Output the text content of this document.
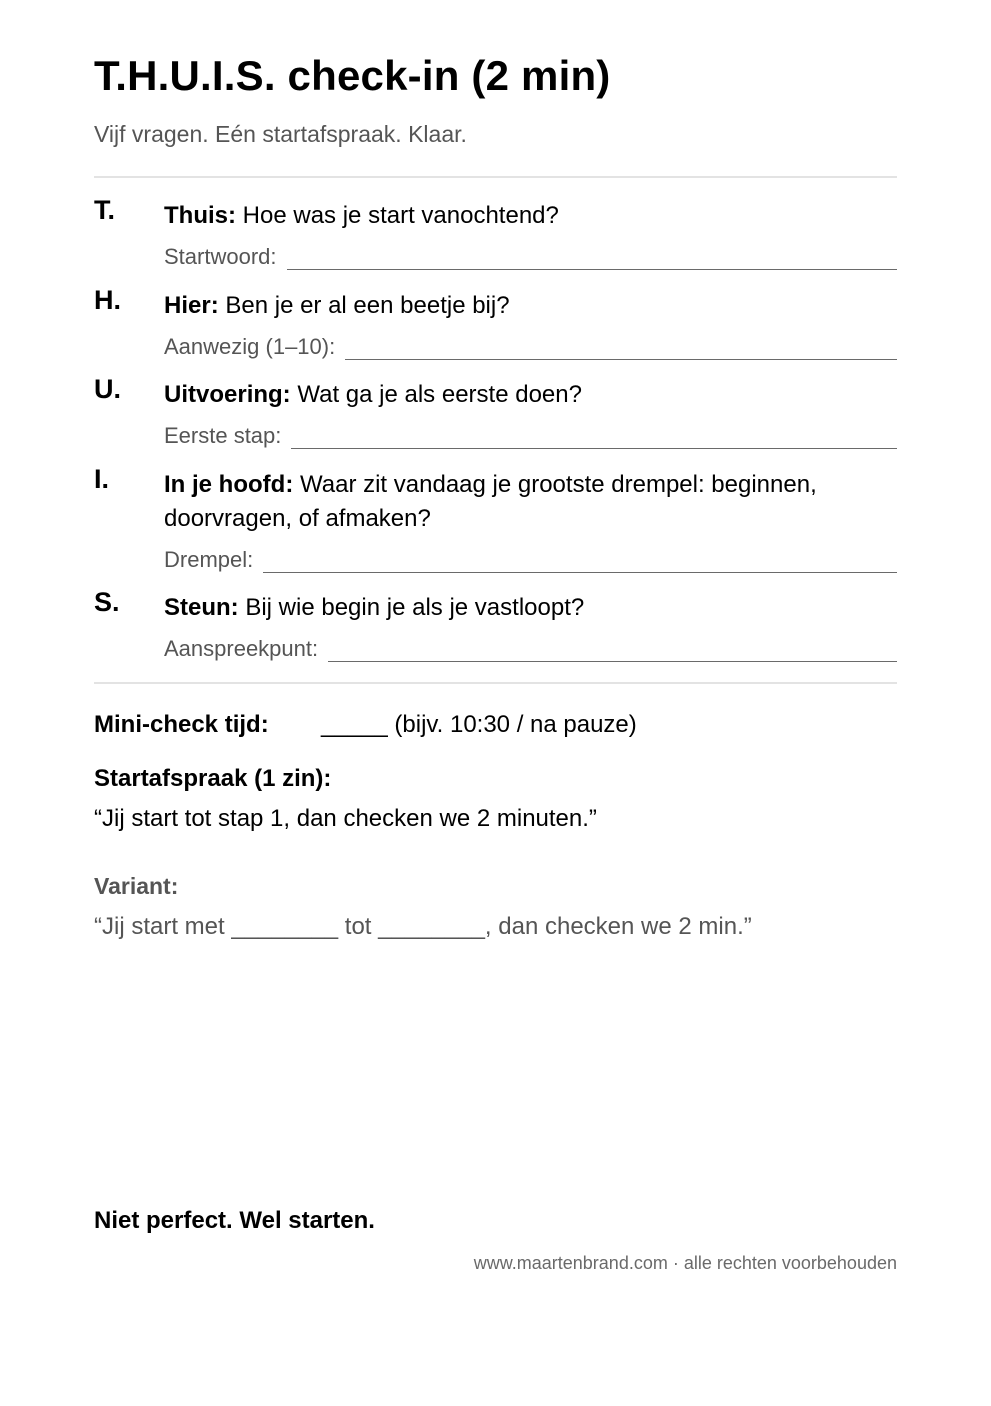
T.H.U.I.S. check-in (2 min)

Vijf vragen. Eén startafspraak. Klaar.

T. Thuis: Hoe was je start vanochtend?
Startwoord:
H. Hier: Ben je er al een beetje bij?
Aanwezig (1–10):
U. Uitvoering: Wat ga je als eerste doen?
Eerste stap:
I. In je hoofd: Waar zit vandaag je grootste drempel: beginnen, doorvragen, of afmaken?
Drempel:
S. Steun: Bij wie begin je als je vastloopt?
Aanspreekpunt:
Mini-check tijd: _____ (bijv. 10:30 / na pauze)
Startafspraak (1 zin):
“Jij start tot stap 1, dan checken we 2 minuten.”
Variant:
“Jij start met ________ tot ________, dan checken we 2 min.”
Niet perfect. Wel starten.
www.maartenbrand.com · alle rechten voorbehouden
